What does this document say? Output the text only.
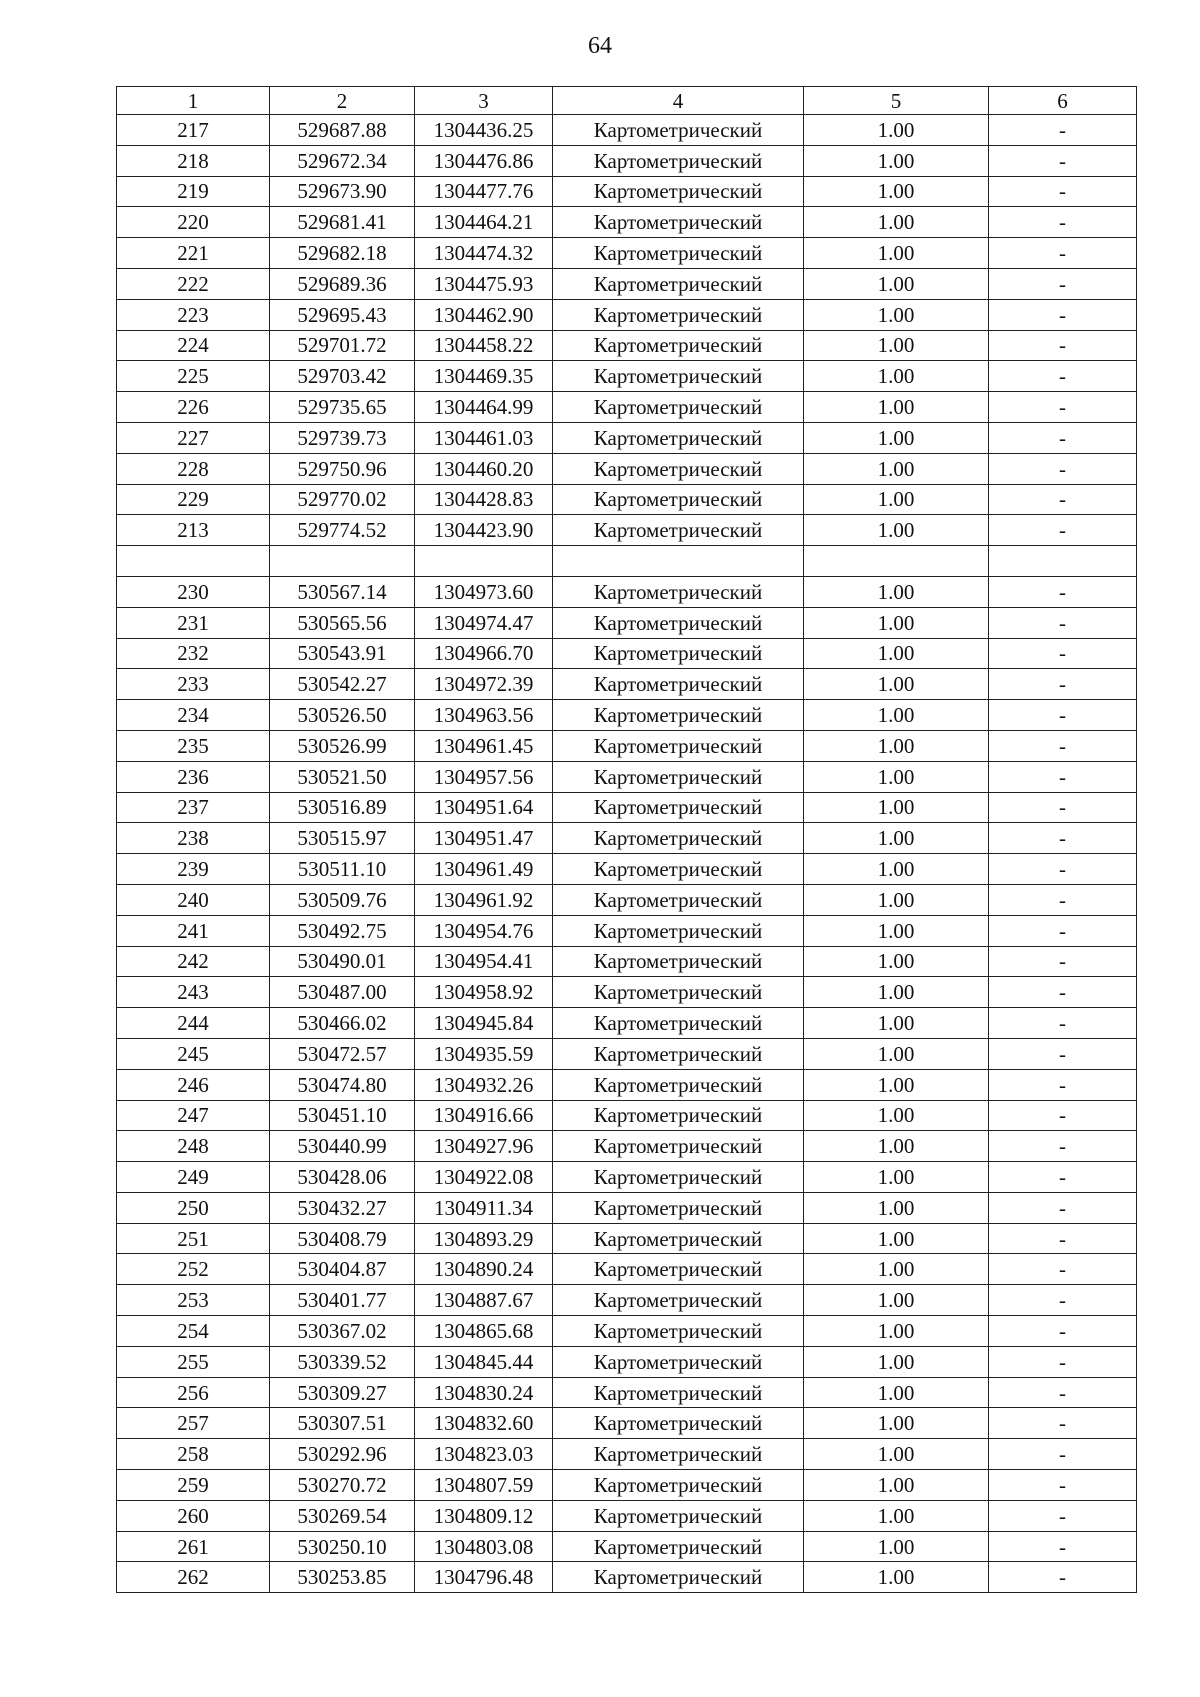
64
1	2	3	4	5	6
217	529687.88	1304436.25	Картометрический	1.00	-
218	529672.34	1304476.86	Картометрический	1.00	-
219	529673.90	1304477.76	Картометрический	1.00	-
220	529681.41	1304464.21	Картометрический	1.00	-
221	529682.18	1304474.32	Картометрический	1.00	-
222	529689.36	1304475.93	Картометрический	1.00	-
223	529695.43	1304462.90	Картометрический	1.00	-
224	529701.72	1304458.22	Картометрический	1.00	-
225	529703.42	1304469.35	Картометрический	1.00	-
226	529735.65	1304464.99	Картометрический	1.00	-
227	529739.73	1304461.03	Картометрический	1.00	-
228	529750.96	1304460.20	Картометрический	1.00	-
229	529770.02	1304428.83	Картометрический	1.00	-
213	529774.52	1304423.90	Картометрический	1.00	-

230	530567.14	1304973.60	Картометрический	1.00	-
231	530565.56	1304974.47	Картометрический	1.00	-
232	530543.91	1304966.70	Картометрический	1.00	-
233	530542.27	1304972.39	Картометрический	1.00	-
234	530526.50	1304963.56	Картометрический	1.00	-
235	530526.99	1304961.45	Картометрический	1.00	-
236	530521.50	1304957.56	Картометрический	1.00	-
237	530516.89	1304951.64	Картометрический	1.00	-
238	530515.97	1304951.47	Картометрический	1.00	-
239	530511.10	1304961.49	Картометрический	1.00	-
240	530509.76	1304961.92	Картометрический	1.00	-
241	530492.75	1304954.76	Картометрический	1.00	-
242	530490.01	1304954.41	Картометрический	1.00	-
243	530487.00	1304958.92	Картометрический	1.00	-
244	530466.02	1304945.84	Картометрический	1.00	-
245	530472.57	1304935.59	Картометрический	1.00	-
246	530474.80	1304932.26	Картометрический	1.00	-
247	530451.10	1304916.66	Картометрический	1.00	-
248	530440.99	1304927.96	Картометрический	1.00	-
249	530428.06	1304922.08	Картометрический	1.00	-
250	530432.27	1304911.34	Картометрический	1.00	-
251	530408.79	1304893.29	Картометрический	1.00	-
252	530404.87	1304890.24	Картометрический	1.00	-
253	530401.77	1304887.67	Картометрический	1.00	-
254	530367.02	1304865.68	Картометрический	1.00	-
255	530339.52	1304845.44	Картометрический	1.00	-
256	530309.27	1304830.24	Картометрический	1.00	-
257	530307.51	1304832.60	Картометрический	1.00	-
258	530292.96	1304823.03	Картометрический	1.00	-
259	530270.72	1304807.59	Картометрический	1.00	-
260	530269.54	1304809.12	Картометрический	1.00	-
261	530250.10	1304803.08	Картометрический	1.00	-
262	530253.85	1304796.48	Картометрический	1.00	-
